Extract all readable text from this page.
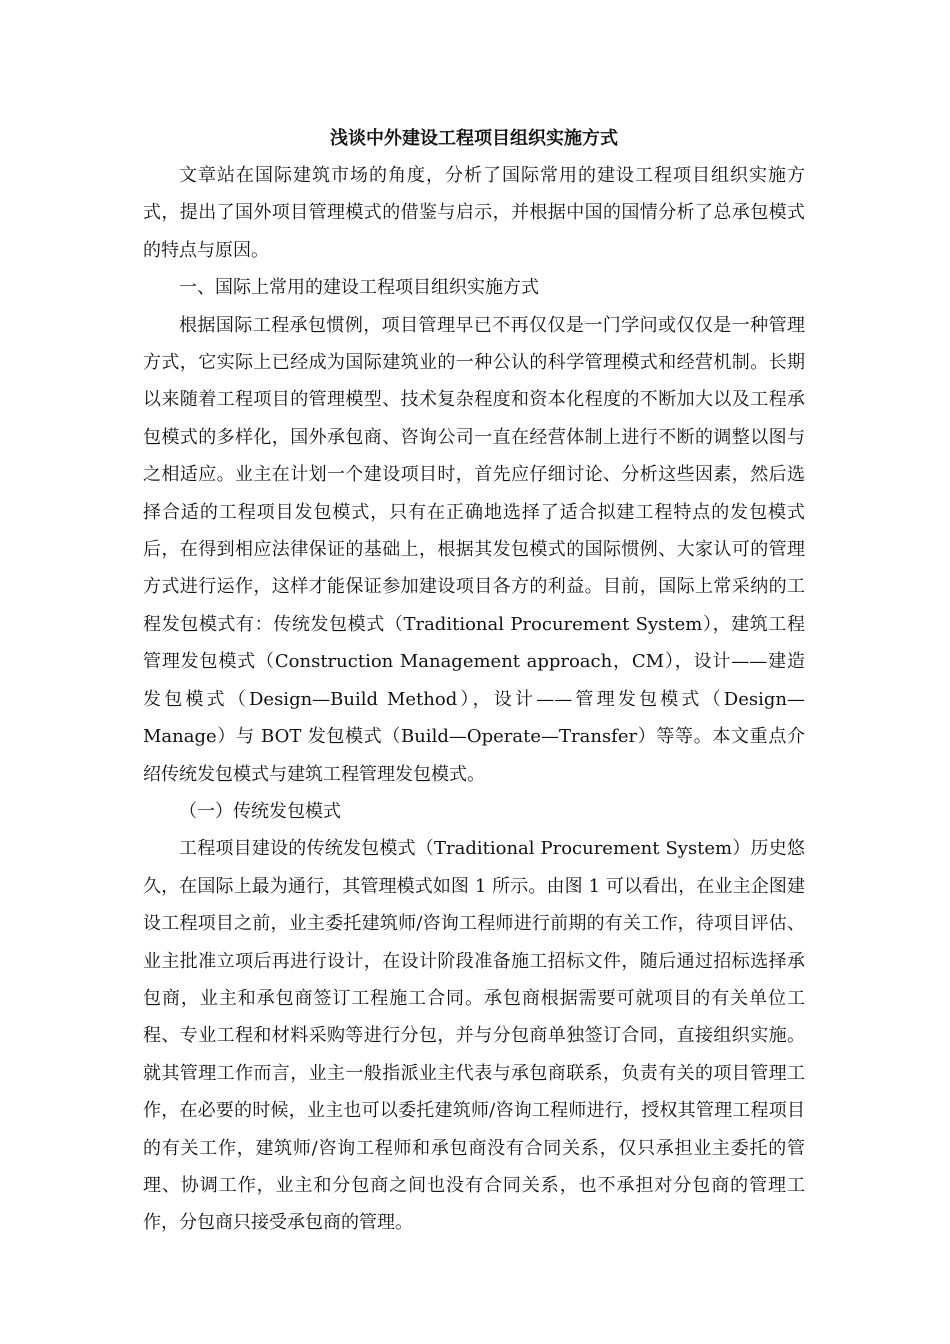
浅谈中外建设工程项目组织实施方式

文章站在国际建筑市场的角度，分析了国际常用的建设工程项目组织实施方式，提出了国外项目管理模式的借鉴与启示，并根据中国的国情分析了总承包模式的特点与原因。

一、国际上常用的建设工程项目组织实施方式

根据国际工程承包惯例，项目管理早已不再仅仅是一门学问或仅仅是一种管理方式，它实际上已经成为国际建筑业的一种公认的科学管理模式和经营机制。长期以来随着工程项目的管理模型、技术复杂程度和资本化程度的不断加大以及工程承包模式的多样化，国外承包商、咨询公司一直在经营体制上进行不断的调整以图与之相适应。业主在计划一个建设项目时，首先应仔细讨论、分析这些因素，然后选择合适的工程项目发包模式，只有在正确地选择了适合拟建工程特点的发包模式后，在得到相应法律保证的基础上，根据其发包模式的国际惯例、大家认可的管理方式进行运作，这样才能保证参加建设项目各方的利益。目前，国际上常采纳的工程发包模式有：传统发包模式（Traditional Procurement System），建筑工程管理发包模式（Construction Management approach，CM），设计——建造发包模式（Design—Build Method），设计——管理发包模式（Design—Manage）与 BOT 发包模式（Build—Operate—Transfer）等等。本文重点介绍传统发包模式与建筑工程管理发包模式。

（一）传统发包模式

工程项目建设的传统发包模式（Traditional Procurement System）历史悠久，在国际上最为通行，其管理模式如图 1 所示。由图 1 可以看出，在业主企图建设工程项目之前，业主委托建筑师/咨询工程师进行前期的有关工作，待项目评估、业主批准立项后再进行设计，在设计阶段准备施工招标文件，随后通过招标选择承包商，业主和承包商签订工程施工合同。承包商根据需要可就项目的有关单位工程、专业工程和材料采购等进行分包，并与分包商单独签订合同，直接组织实施。就其管理工作而言，业主一般指派业主代表与承包商联系，负责有关的项目管理工作，在必要的时候，业主也可以委托建筑师/咨询工程师进行，授权其管理工程项目的有关工作，建筑师/咨询工程师和承包商没有合同关系，仅只承担业主委托的管理、协调工作，业主和分包商之间也没有合同关系，也不承担对分包商的管理工作，分包商只接受承包商的管理。
